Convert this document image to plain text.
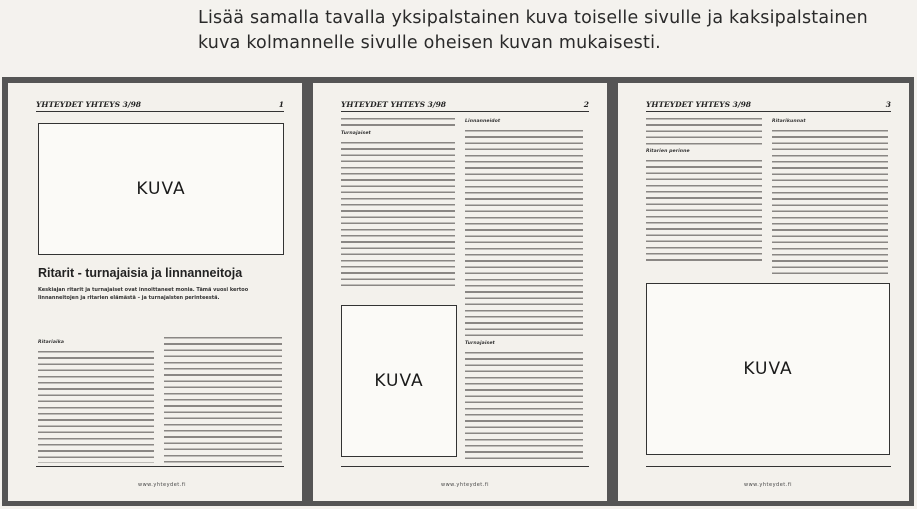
Lisää samalla tavalla yksipalstainen kuva toiselle sivulle ja kaksipalstainen kuva kolmannelle sivulle oheisen kuvan mukaisesti.
YHTEYDET YHTEYS 3/98	1
KUVA
Ritarit - turnajaisia ja linnanneitoja
Keskiajan ritarit ja turnajaiset ovat innoittaneet monia. Tämä vuosi kertoo linnanneitojen ja ritarien elämästä – ja turnajaisten perinteestä.
Ritariaika
www.yhteydet.fi
YHTEYDET YHTEYS 3/98	2
Turnajaiset
KUVA
Linnanneidot
Turnajaiset
www.yhteydet.fi
YHTEYDET YHTEYS 3/98	3
Ritarien perinne
Ritarikunnat
KUVA
www.yhteydet.fi
